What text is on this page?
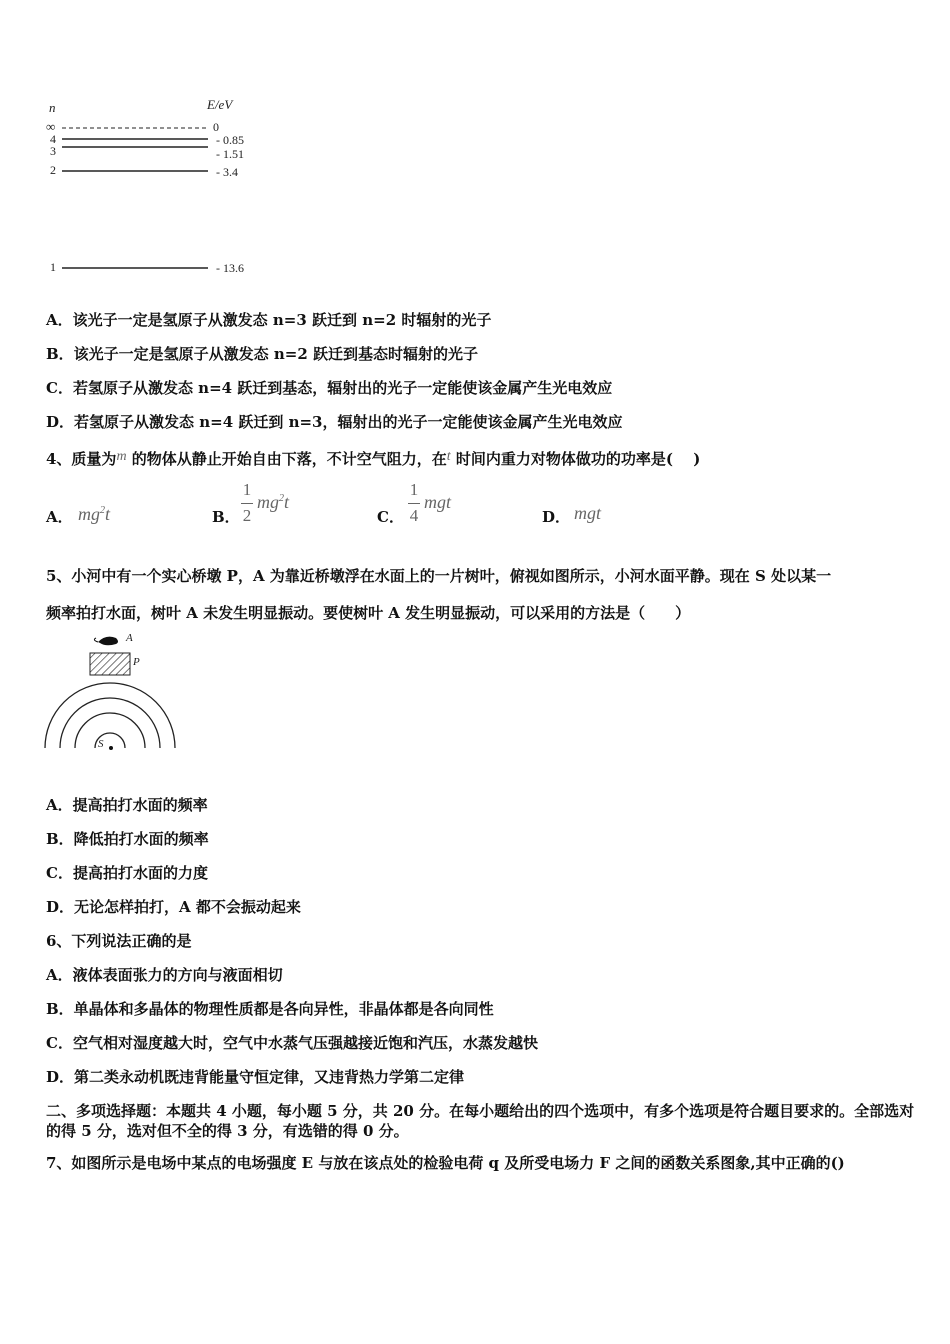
n	E/eV
∞
4
3
2
1
0
- 0.85
- 1.51
- 3.4
- 13.6
A．该光子一定是氢原子从激发态 n=3 跃迁到 n=2 时辐射的光子
B．该光子一定是氢原子从激发态 n=2 跃迁到基态时辐射的光子
C．若氢原子从激发态 n=4 跃迁到基态，辐射出的光子一定能使该金属产生光电效应
D．若氢原子从激发态 n=4 跃迁到 n=3，辐射出的光子一定能使该金属产生光电效应
4、质量为m 的物体从静止开始自由下落，不计空气阻力，在t 时间内重力对物体做功的功率是(　 )
A． $mg^2t$	B．
1
2
$mg^2t$
C．
1
4
mgt
D． mgt
5、小河中有一个实心桥墩 P，A 为靠近桥墩浮在水面上的一片树叶，俯视如图所示，小河水面平静。现在 S 处以某一
频率拍打水面，树叶 A 未发生明显振动。要使树叶 A 发生明显振动，可以采用的方法是（　　）
A
P
S
A．提高拍打水面的频率
B．降低拍打水面的频率
C．提高拍打水面的力度
D．无论怎样拍打，A 都不会振动起来
6、下列说法正确的是
A．液体表面张力的方向与液面相切
B．单晶体和多晶体的物理性质都是各向异性，非晶体都是各向同性
C．空气相对湿度越大时，空气中水蒸气压强越接近饱和汽压，水蒸发越快
D．第二类永动机既违背能量守恒定律，又违背热力学第二定律
二、多项选择题：本题共 4 小题，每小题 5 分，共 20 分。在每小题给出的四个选项中，有多个选项是符合题目要求的。全部选对的得 5 分，选对但不全的得 3 分，有选错的得 0 分。
7、如图所示是电场中某点的电场强度 E 与放在该点处的检验电荷 q 及所受电场力 F 之间的函数关系图象,其中正确的()
